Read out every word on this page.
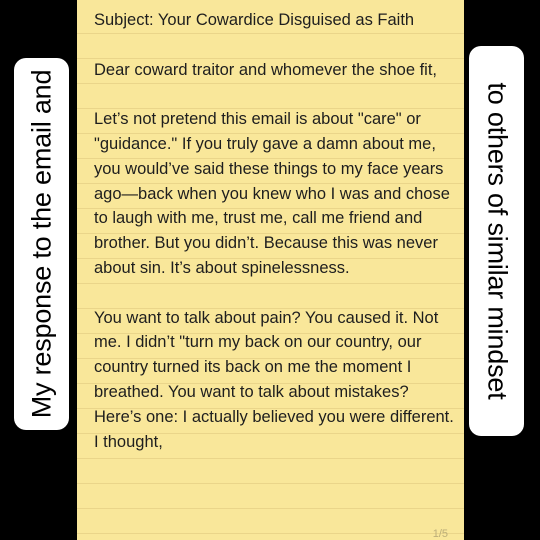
Subject: Your Cowardice Disguised as Faith

Dear coward traitor and whomever the shoe fit,

Let’s not pretend this email is about "care" or "guidance." If you truly gave a damn about me, you would’ve said these things to my face years ago—back when you knew who I was and chose to laugh with me, trust me, call me friend and brother. But you didn’t. Because this was never about sin. It’s about spinelessness.

You want to talk about pain? You caused it. Not me. I didn’t "turn my back on our country, our country turned its back on me the moment I breathed. You want to talk about mistakes? Here’s one: I actually believed you were different. I thought,

1/5
My response to the email and	to others of similar mindset
